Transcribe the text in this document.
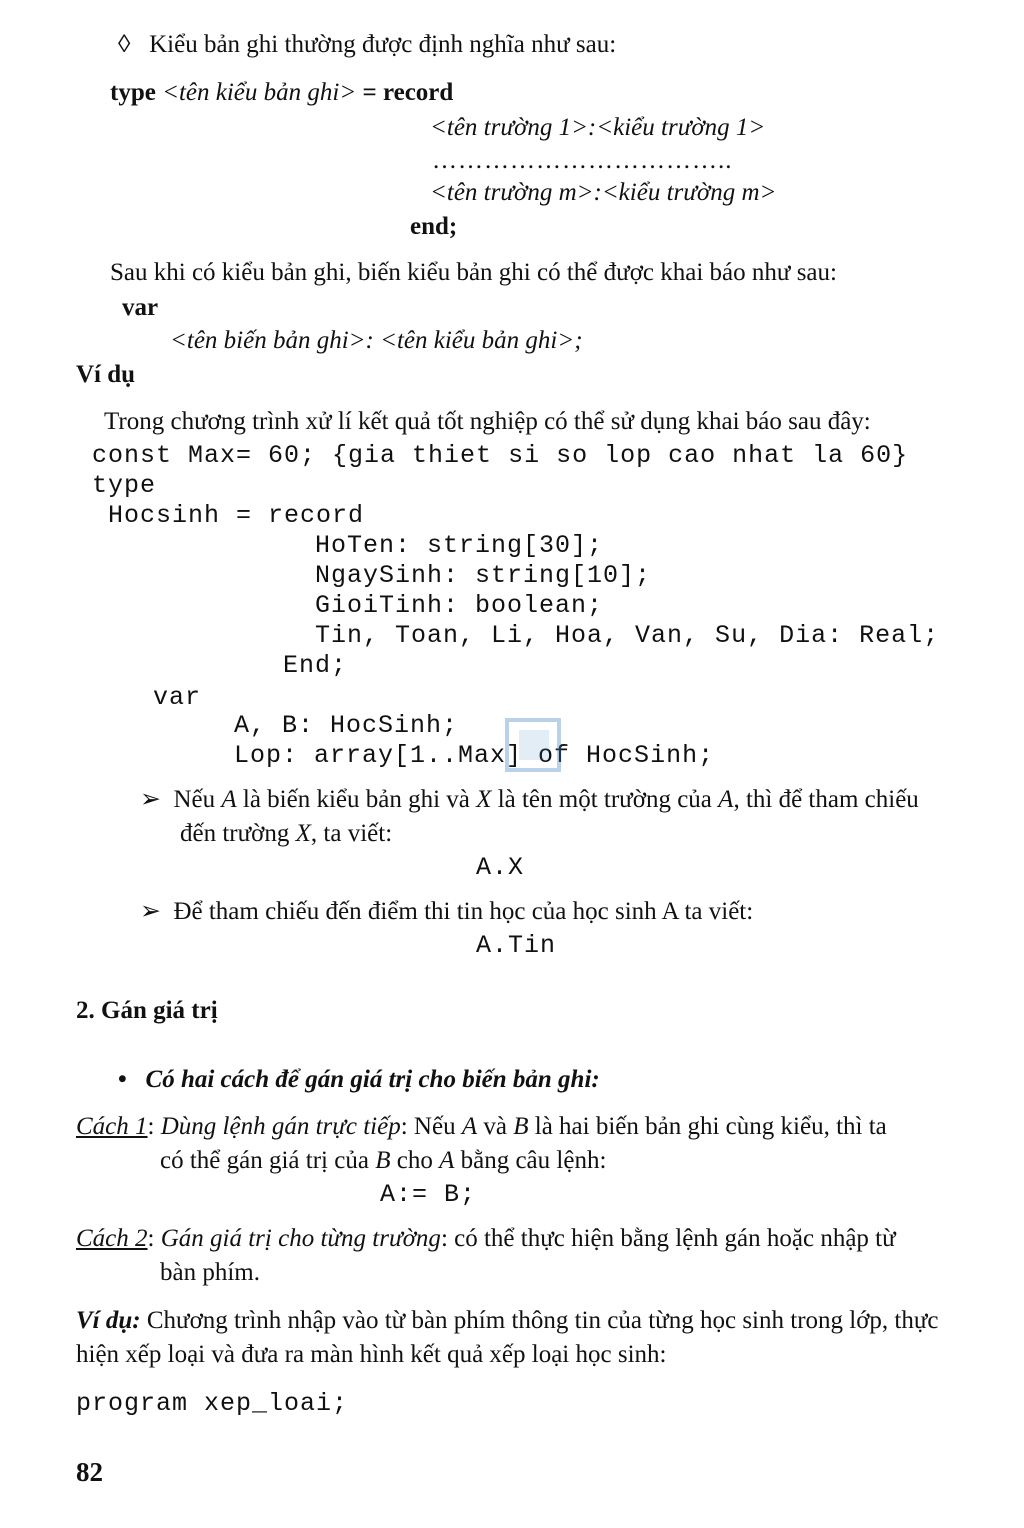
◊ Kiểu bản ghi thường được định nghĩa như sau:
type <tên kiểu bản ghi> = record
<tên trường 1>:<kiểu trường 1>
……………………………..
<tên trường m>:<kiểu trường m>
end;
Sau khi có kiểu bản ghi, biến kiểu bản ghi có thể được khai báo như sau:
var
<tên biến bản ghi>: <tên kiểu bản ghi>;
Ví dụ
Trong chương trình xử lí kết quả tốt nghiệp có thể sử dụng khai báo sau đây:
const Max= 60; {gia thiet si so lop cao nhat la 60}
type
Hocsinh = record
HoTen: string[30];
NgaySinh: string[10];
GioiTinh: boolean;
Tin, Toan, Li, Hoa, Van, Su, Dia: Real;
End;
var
A, B: HocSinh;
Lop: array[1..Max] of HocSinh;
➢ Nếu A là biến kiểu bản ghi và X là tên một trường của A, thì để tham chiếu
đến trường X, ta viết:
A.X
➢ Để tham chiếu đến điểm thi tin học của học sinh A ta viết:
A.Tin
2. Gán giá trị
• Có hai cách để gán giá trị cho biến bản ghi:
Cách 1: Dùng lệnh gán trực tiếp: Nếu A và B là hai biến bản ghi cùng kiểu, thì ta
có thể gán giá trị của B cho A bằng câu lệnh:
A:= B;
Cách 2: Gán giá trị cho từng trường: có thể thực hiện bằng lệnh gán hoặc nhập từ
bàn phím.
Ví dụ: Chương trình nhập vào từ bàn phím thông tin của từng học sinh trong lớp, thực
hiện xếp loại và đưa ra màn hình kết quả xếp loại học sinh:
program xep_loai;
82
